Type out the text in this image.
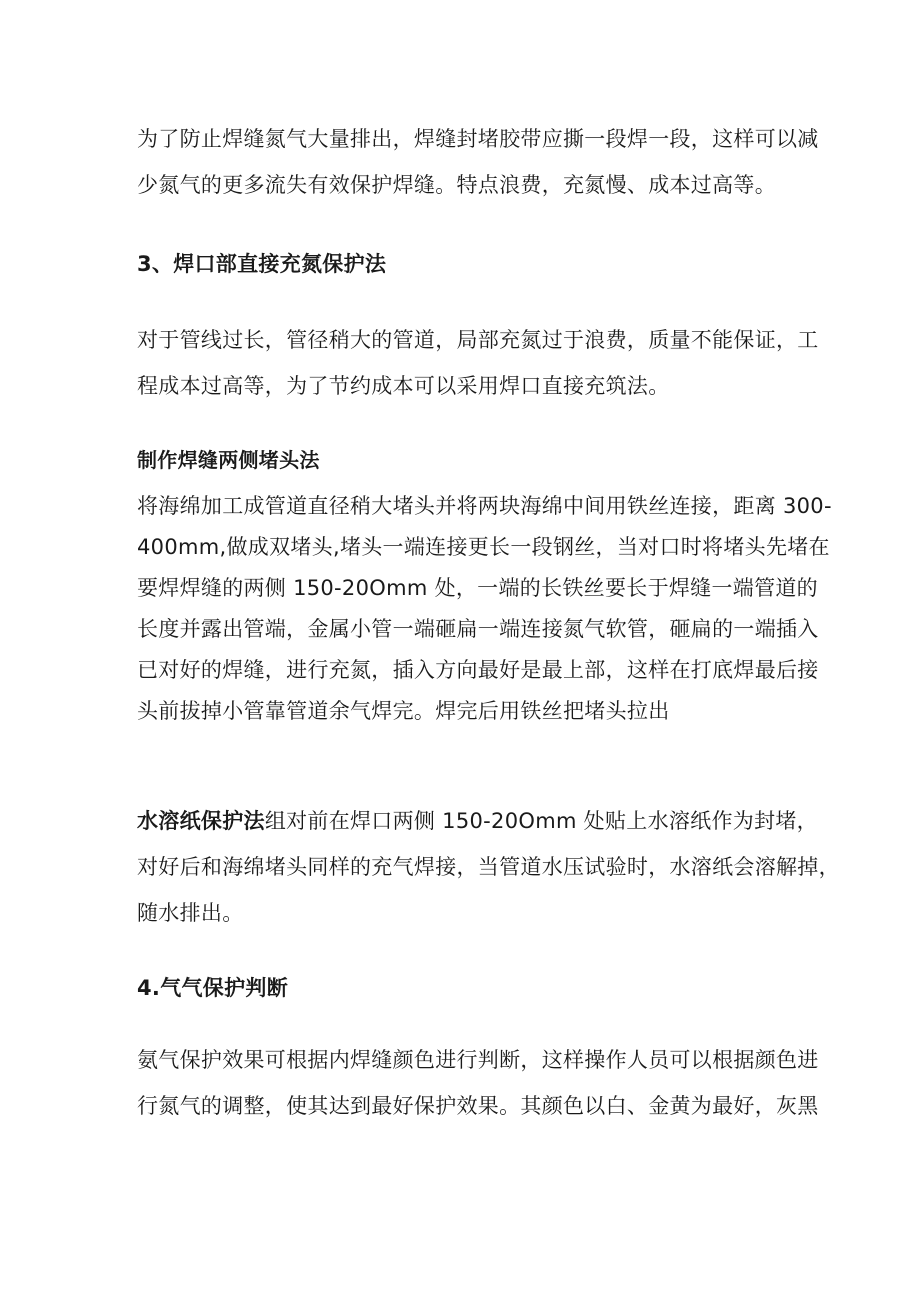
为了防止焊缝氮气大量排出，焊缝封堵胶带应撕一段焊一段，这样可以减
少氮气的更多流失有效保护焊缝。特点浪费，充氮慢、成本过高等。

3、焊口部直接充氮保护法

对于管线过长，管径稍大的管道，局部充氮过于浪费，质量不能保证，工
程成本过高等，为了节约成本可以采用焊口直接充筑法。

制作焊缝两侧堵头法

将海绵加工成管道直径稍大堵头并将两块海绵中间用铁丝连接，距离 300-
400mm,做成双堵头,堵头一端连接更长一段钢丝，当对口时将堵头先堵在
要焊焊缝的两侧 150-20Omm 处，一端的长铁丝要长于焊缝一端管道的
长度并露出管端，金属小管一端砸扁一端连接氮气软管，砸扁的一端插入
已对好的焊缝，进行充氮，插入方向最好是最上部，这样在打底焊最后接
头前拔掉小管靠管道余气焊完。焊完后用铁丝把堵头拉出

水溶纸保护法组对前在焊口两侧 150-20Omm 处贴上水溶纸作为封堵，
对好后和海绵堵头同样的充气焊接，当管道水压试验时，水溶纸会溶解掉，
随水排出。

4.气气保护判断

氨气保护效果可根据内焊缝颜色进行判断，这样操作人员可以根据颜色进
行氮气的调整，使其达到最好保护效果。其颜色以白、金黄为最好，灰黑
